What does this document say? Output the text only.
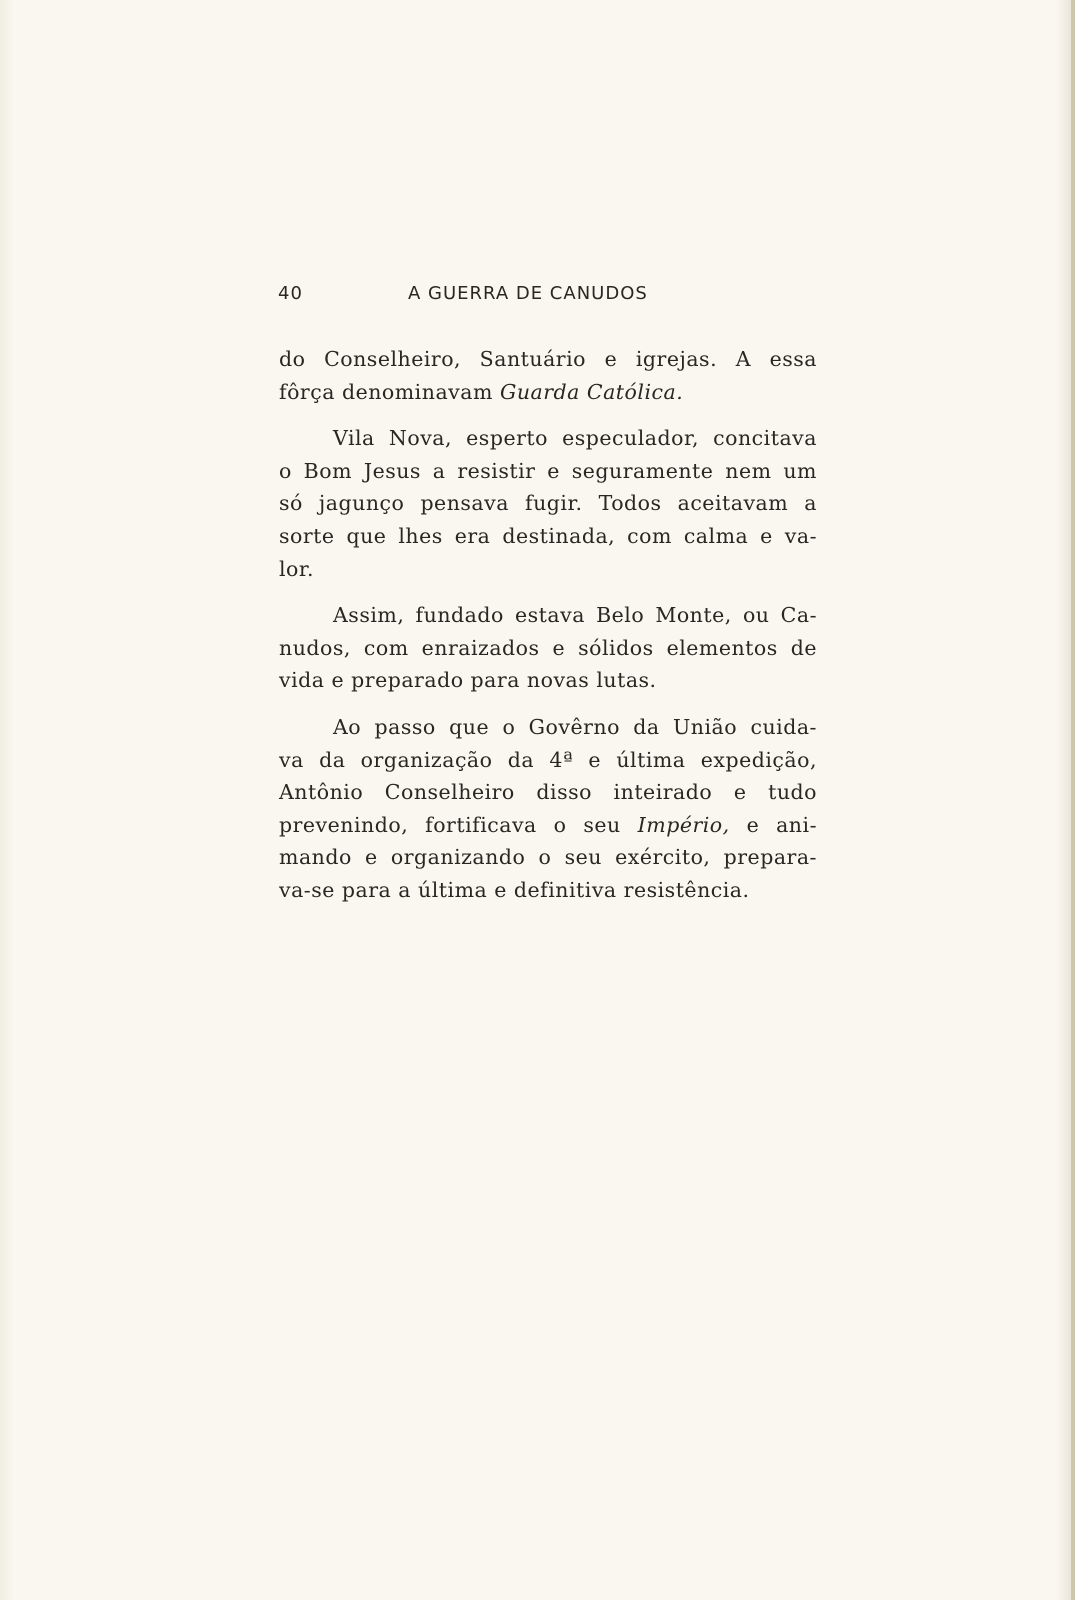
40	A GUERRA DE CANUDOS

do Conselheiro, Santuário e igrejas. A essa
fôrça denominavam Guarda Católica.

Vila Nova, esperto especulador, concitava
o Bom Jesus a resistir e seguramente nem um
só jagunço pensava fugir. Todos aceitavam a
sorte que lhes era destinada, com calma e va-
lor.

Assim, fundado estava Belo Monte, ou Ca-
nudos, com enraizados e sólidos elementos de
vida e preparado para novas lutas.

Ao passo que o Govêrno da União cuida-
va da organização da 4ª e última expedição,
Antônio Conselheiro disso inteirado e tudo
prevenindo, fortificava o seu Império, e ani-
mando e organizando o seu exército, prepara-
va-se para a última e definitiva resistência.
